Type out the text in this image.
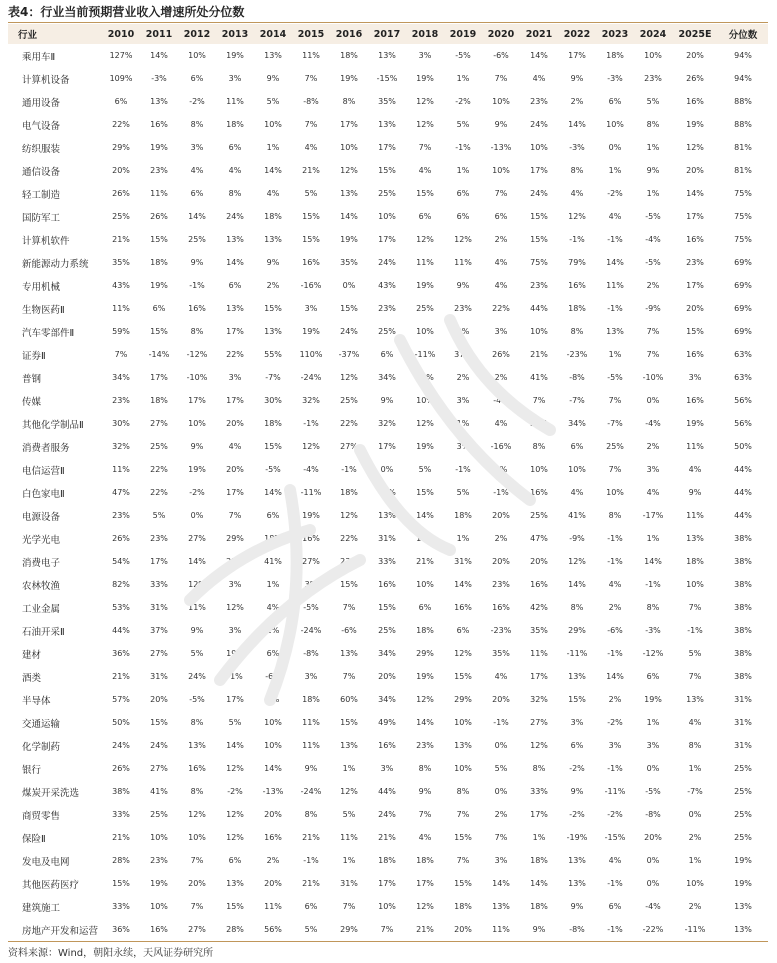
表4：行业当前预期营业收入增速所处分位数
行业	2010	2011	2012	2013	2014	2015	2016	2017	2018	2019	2020	2021	2022	2023	2024	2025E	分位数
乘用车Ⅱ	127%	14%	10%	19%	13%	11%	18%	13%	3%	-5%	-6%	14%	17%	18%	10%	20%	94%
计算机设备	109%	-3%	6%	3%	9%	7%	19%	-15%	19%	1%	7%	4%	9%	-3%	23%	26%	94%
通用设备	6%	13%	-2%	11%	5%	-8%	8%	35%	12%	-2%	10%	23%	2%	6%	5%	16%	88%
电气设备	22%	16%	8%	18%	10%	7%	17%	13%	12%	5%	9%	24%	14%	10%	8%	19%	88%
纺织服装	29%	19%	3%	6%	1%	4%	10%	17%	7%	-1%	-13%	10%	-3%	0%	1%	12%	81%
通信设备	20%	23%	4%	4%	14%	21%	12%	15%	4%	1%	10%	17%	8%	1%	9%	20%	81%
轻工制造	26%	11%	6%	8%	4%	5%	13%	25%	15%	6%	7%	24%	4%	-2%	1%	14%	75%
国防军工	25%	26%	14%	24%	18%	15%	14%	10%	6%	6%	6%	15%	12%	4%	-5%	17%	75%
计算机软件	21%	15%	25%	13%	13%	15%	19%	17%	12%	12%	2%	15%	-1%	-1%	-4%	16%	75%
新能源动力系统	35%	18%	9%	14%	9%	16%	35%	24%	11%	11%	4%	75%	79%	14%	-5%	23%	69%
专用机械	43%	19%	-1%	6%	2%	-16%	0%	43%	19%	9%	4%	23%	16%	11%	2%	17%	69%
生物医药Ⅱ	11%	6%	16%	13%	15%	3%	15%	23%	25%	23%	22%	44%	18%	-1%	-9%	20%	69%
汽车零部件Ⅱ	59%	15%	8%	17%	13%	19%	24%	25%	10%	0%	3%	10%	8%	13%	7%	15%	69%
证券Ⅱ	7%	-14%	-12%	22%	55%	110%	-37%	6%	-11%	37%	26%	21%	-23%	1%	7%	16%	63%
普钢	34%	17%	-10%	3%	-7%	-24%	12%	34%	13%	2%	2%	41%	-8%	-5%	-10%	3%	63%
传媒	23%	18%	17%	17%	30%	32%	25%	9%	10%	3%	-4%	7%	-7%	7%	0%	16%	56%
其他化学制品Ⅱ	30%	27%	10%	20%	18%	-1%	22%	32%	12%	1%	4%	52%	34%	-7%	-4%	19%	56%
消费者服务	32%	25%	9%	4%	15%	12%	27%	17%	19%	3%	-16%	8%	6%	25%	2%	11%	50%
电信运营Ⅱ	11%	22%	19%	20%	-5%	-4%	-1%	0%	5%	-1%	4%	10%	10%	7%	3%	4%	44%
白色家电Ⅱ	47%	22%	-2%	17%	14%	-11%	18%	40%	15%	5%	-1%	16%	4%	10%	4%	9%	44%
电源设备	23%	5%	0%	7%	6%	19%	12%	13%	14%	18%	20%	25%	41%	8%	-17%	11%	44%
光学光电	26%	23%	27%	29%	18%	16%	22%	31%	14%	1%	2%	47%	-9%	-1%	1%	13%	38%
消费电子	54%	17%	14%	21%	41%	27%	23%	33%	21%	31%	20%	20%	12%	-1%	14%	18%	38%
农林牧渔	82%	33%	12%	3%	1%	3%	15%	16%	10%	14%	23%	16%	14%	4%	-1%	10%	38%
工业金属	53%	31%	11%	12%	4%	-5%	7%	15%	6%	16%	16%	42%	8%	2%	8%	7%	38%
石油开采Ⅱ	44%	37%	9%	3%	1%	-24%	-6%	25%	18%	6%	-23%	35%	29%	-6%	-3%	-1%	38%
建材	36%	27%	5%	19%	6%	-8%	13%	34%	29%	12%	35%	11%	-11%	-1%	-12%	5%	38%
酒类	21%	31%	24%	-1%	-6%	3%	7%	20%	19%	15%	4%	17%	13%	14%	6%	7%	38%
半导体	57%	20%	-5%	17%	8%	18%	60%	34%	12%	29%	20%	32%	15%	2%	19%	13%	31%
交通运输	50%	15%	8%	5%	10%	11%	15%	49%	14%	10%	-1%	27%	3%	-2%	1%	4%	31%
化学制药	24%	24%	13%	14%	10%	11%	13%	16%	23%	13%	0%	12%	6%	3%	3%	8%	31%
银行	26%	27%	16%	12%	14%	9%	1%	3%	8%	10%	5%	8%	-2%	-1%	0%	1%	25%
煤炭开采洗选	38%	41%	8%	-2%	-13%	-24%	12%	44%	9%	8%	0%	33%	9%	-11%	-5%	-7%	25%
商贸零售	33%	25%	12%	12%	20%	8%	5%	24%	7%	7%	2%	17%	-2%	-2%	-8%	0%	25%
保险Ⅱ	21%	10%	10%	12%	16%	21%	11%	21%	4%	15%	7%	1%	-19%	-15%	20%	2%	25%
发电及电网	28%	23%	7%	6%	2%	-1%	1%	18%	18%	7%	3%	18%	13%	4%	0%	1%	19%
其他医药医疗	15%	19%	20%	13%	20%	21%	31%	17%	17%	15%	14%	14%	13%	-1%	0%	10%	19%
建筑施工	33%	10%	7%	15%	11%	6%	7%	10%	12%	18%	13%	18%	9%	6%	-4%	2%	13%
房地产开发和运营	36%	16%	27%	28%	56%	5%	29%	7%	21%	20%	11%	9%	-8%	-1%	-22%	-11%	13%
资料来源：Wind，朝阳永续，天风证券研究所
